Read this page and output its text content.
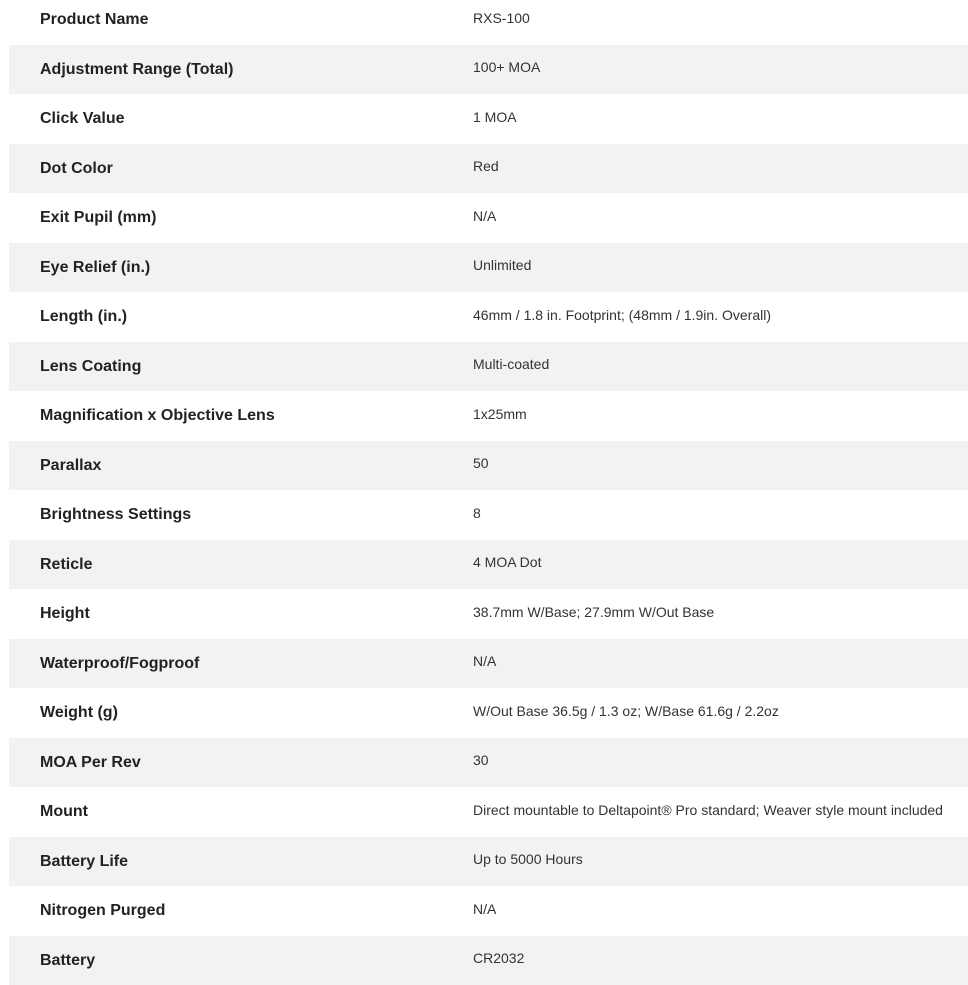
Product Name	RXS-100
Adjustment Range (Total)	100+ MOA
Click Value	1 MOA
Dot Color	Red
Exit Pupil (mm)	N/A
Eye Relief (in.)	Unlimited
Length (in.)	46mm / 1.8 in. Footprint; (48mm / 1.9in. Overall)
Lens Coating	Multi-coated
Magnification x Objective Lens	1x25mm
Parallax	50
Brightness Settings	8
Reticle	4 MOA Dot
Height	38.7mm W/Base; 27.9mm W/Out Base
Waterproof/Fogproof	N/A
Weight (g)	W/Out Base 36.5g / 1.3 oz; W/Base 61.6g / 2.2oz
MOA Per Rev	30
Mount	Direct mountable to Deltapoint® Pro standard; Weaver style mount included
Battery Life	Up to 5000 Hours
Nitrogen Purged	N/A
Battery	CR2032
